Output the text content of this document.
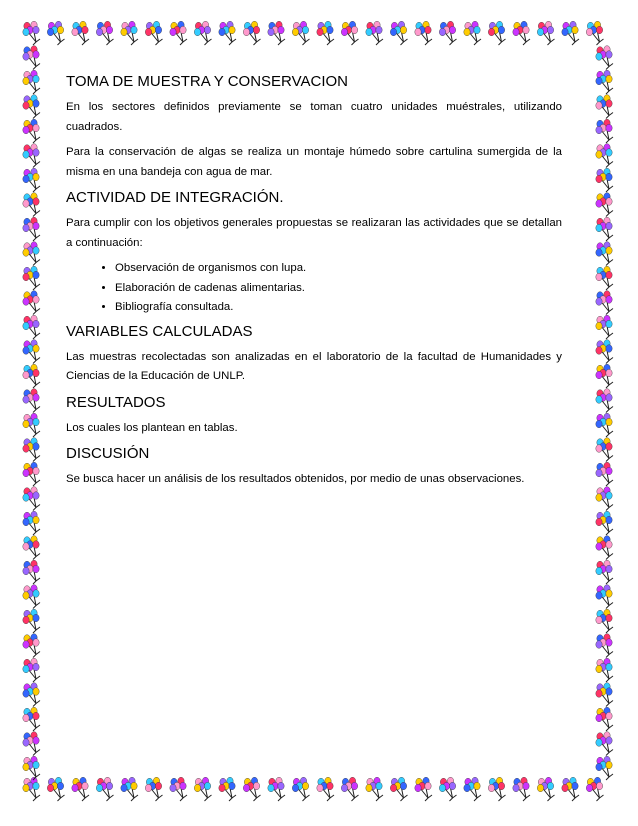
TOMA DE MUESTRA Y CONSERVACION

En los sectores definidos previamente se toman cuatro unidades muéstrales, utilizando cuadrados.

Para la conservación de algas se realiza un montaje húmedo sobre cartulina sumergida de la misma en una bandeja con agua de mar.

ACTIVIDAD DE INTEGRACIÓN.

Para cumplir con los objetivos generales propuestas se realizaran las actividades que se detallan a continuación:

• Observación de organismos con lupa.
• Elaboración de cadenas alimentarias.
• Bibliografía consultada.
VARIABLES CALCULADAS

Las muestras recolectadas son analizadas en el laboratorio de la facultad de Humanidades y Ciencias de la Educación de UNLP.

RESULTADOS

Los cuales los plantean en tablas.

DISCUSIÓN

Se busca hacer un análisis de los resultados obtenidos, por medio de unas observaciones.
